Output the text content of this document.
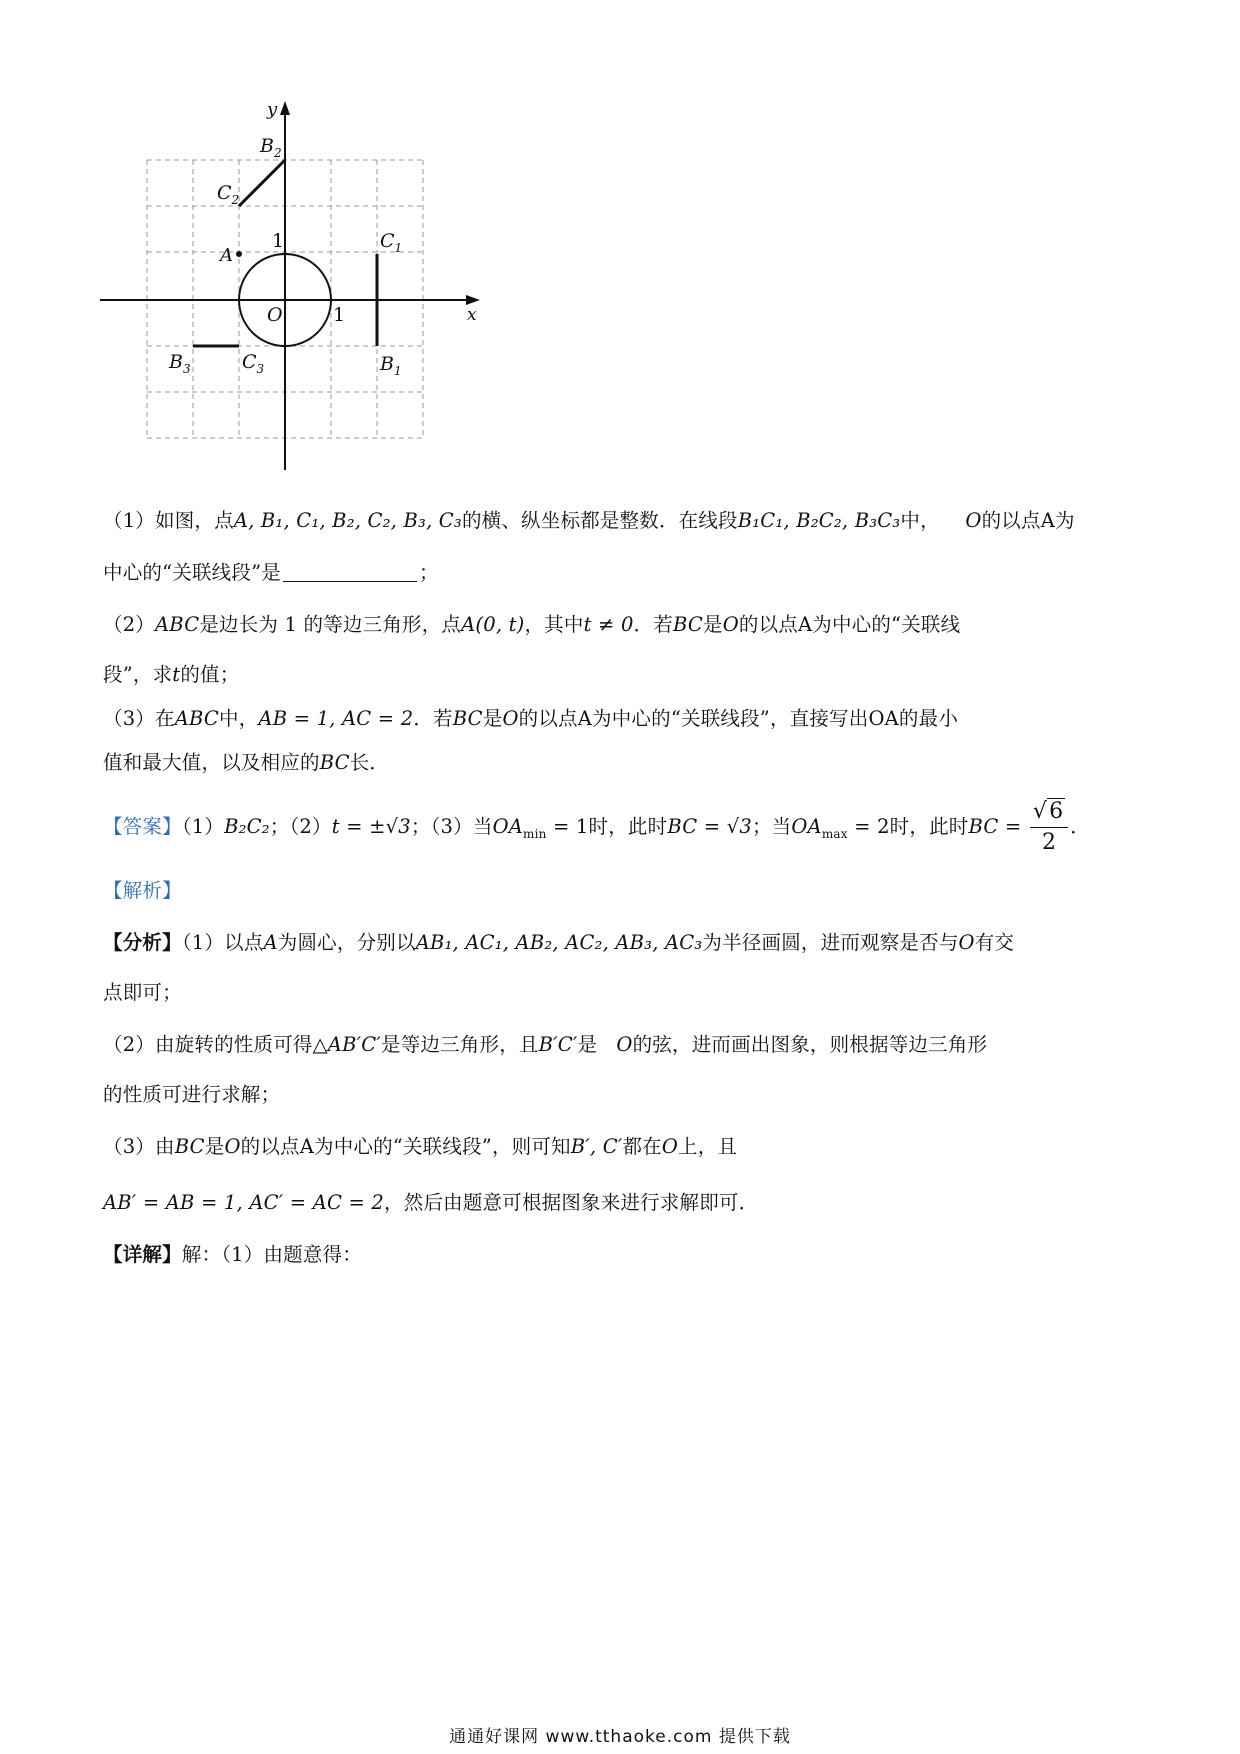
y
x
O	1
1
A
$B_2$
$C_2$
$C_1$
$B_1$
$B_3$	$C_3$
（1）如图，点A, B₁, C₁, B₂, C₂, B₃, C₃的横、纵坐标都是整数．在线段B₁C₁, B₂C₂, B₃C₃中， O的以点A为
中心的“关联线段”是	；
（2）ABC是边长为 1 的等边三角形，点A(0, t)，其中t ≠ 0．若BC是O的以点A为中心的“关联线
段”，求t的值；
（3）在ABC中，AB = 1, AC = 2．若BC是O的以点A为中心的“关联线段”，直接写出OA的最小
值和最大值，以及相应的BC长．
【答案】（1）B₂C₂；（2）t = ±√3；（3）当$OA_{min} = 1$时，此时BC = √3；当$OA_{max} = 2$时，此时BC = $\frac{√6}{2}$ ．
【解析】
【分析】（1）以点A为圆心，分别以AB₁, AC₁, AB₂, AC₂, AB₃, AC₃为半径画圆，进而观察是否与O有交
点即可；
（2）由旋转的性质可得△AB′C′是等边三角形，且B′C′是 O的弦，进而画出图象，则根据等边三角形
的性质可进行求解；
（3）由BC是O的以点A为中心的“关联线段”，则可知B′, C′都在O上，且
AB′ = AB = 1, AC′ = AC = 2，然后由题意可根据图象来进行求解即可．
【详解】解：（1）由题意得：
通通好课网 www.tthaoke.com 提供下载
